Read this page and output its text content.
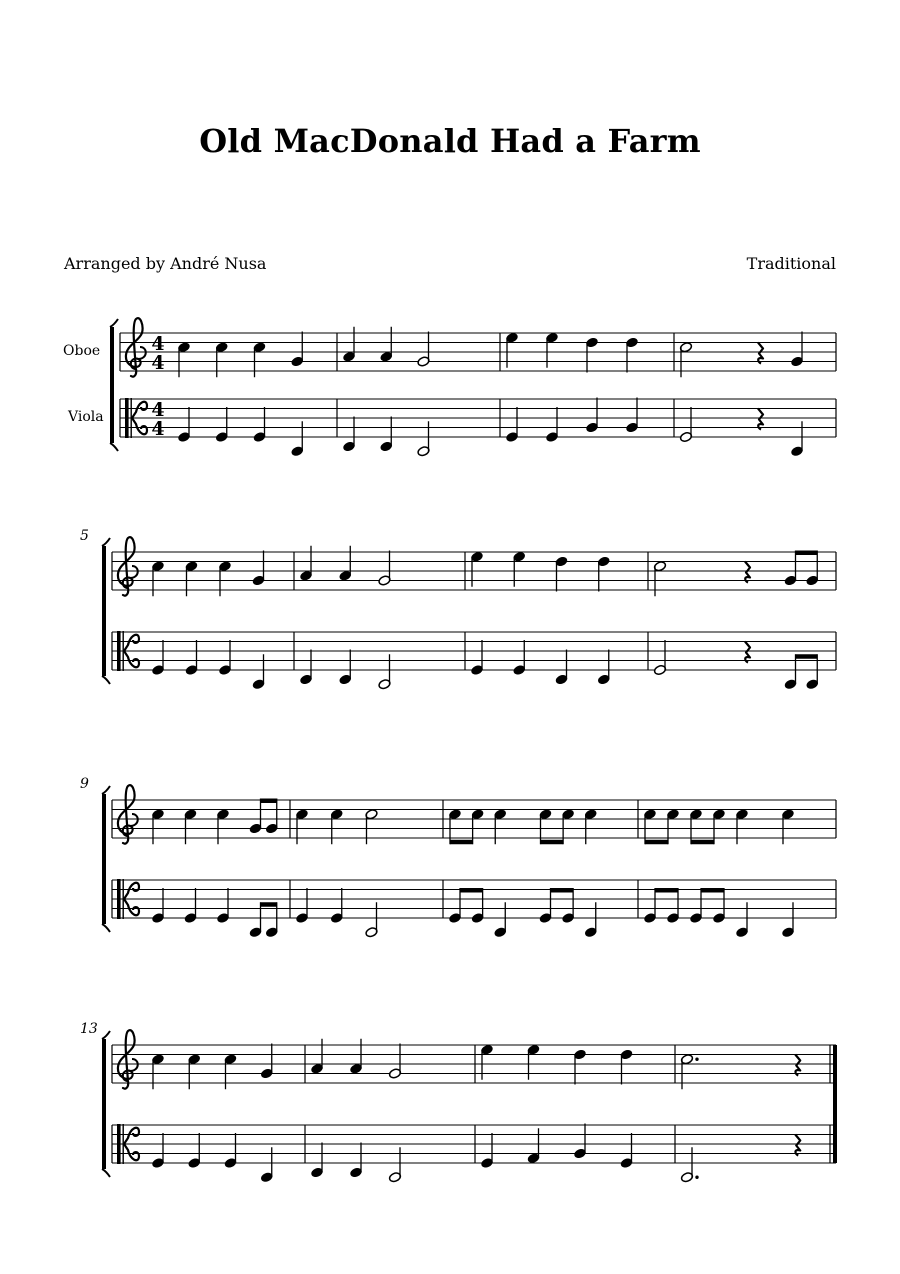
Old MacDonald Had a Farm
Arranged by André Nusa	Traditional
Oboe
Viola
4
4
4
4
5
9
13
